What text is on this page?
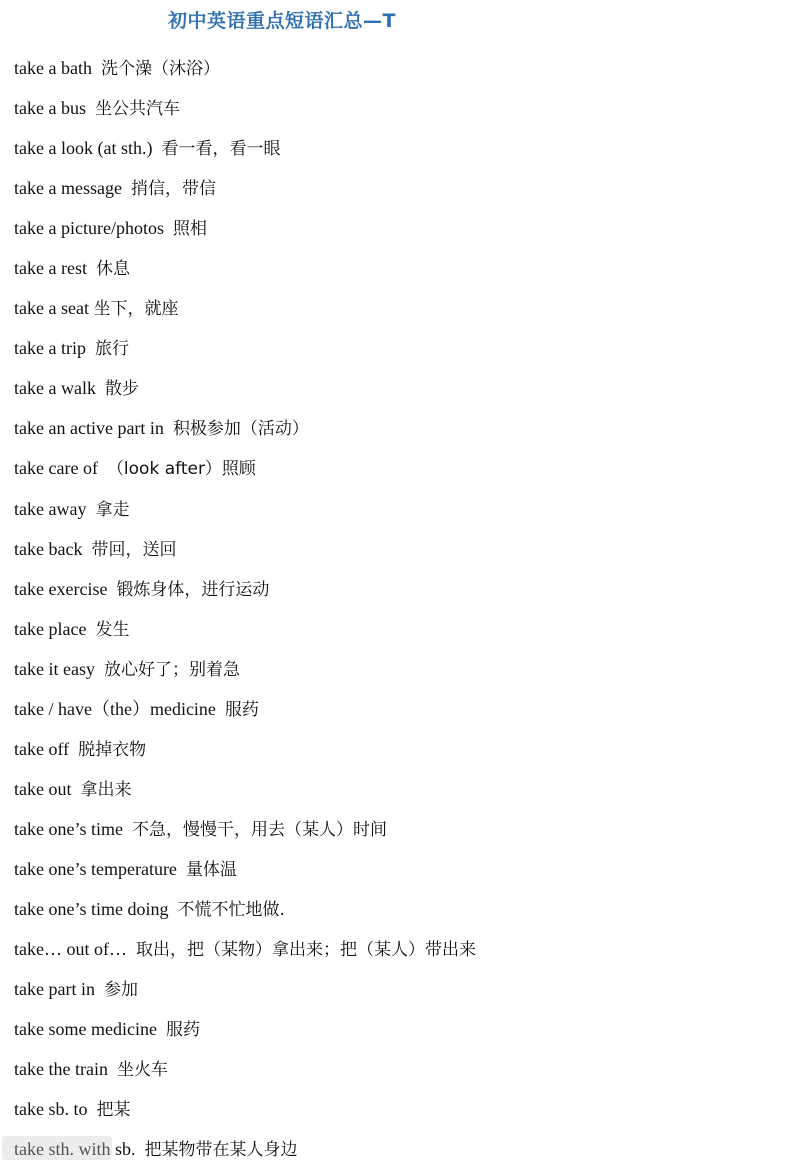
初中英语重点短语汇总—T
take a bath 洗个澡（沐浴）
take a bus 坐公共汽车
take a look (at sth.) 看一看，看一眼
take a message 捎信，带信
take a picture/photos 照相
take a rest 休息
take a seat 坐下，就座
take a trip 旅行
take a walk 散步
take an active part in 积极参加（活动）
take care of （look after）照顾
take away 拿走
take back 带回，送回
take exercise 锻炼身体，进行运动
take place 发生
take it easy 放心好了；别着急
take / have（the）medicine 服药
take off 脱掉衣物
take out 拿出来
take one’s time 不急，慢慢干，用去（某人）时间
take one’s temperature 量体温
take one’s time doing 不慌不忙地做.
take… out of… 取出，把（某物）拿出来；把（某人）带出来
take part in 参加
take some medicine 服药
take the train 坐火车
take sb. to 把某
take sth. with sb. 把某物带在某人身边
